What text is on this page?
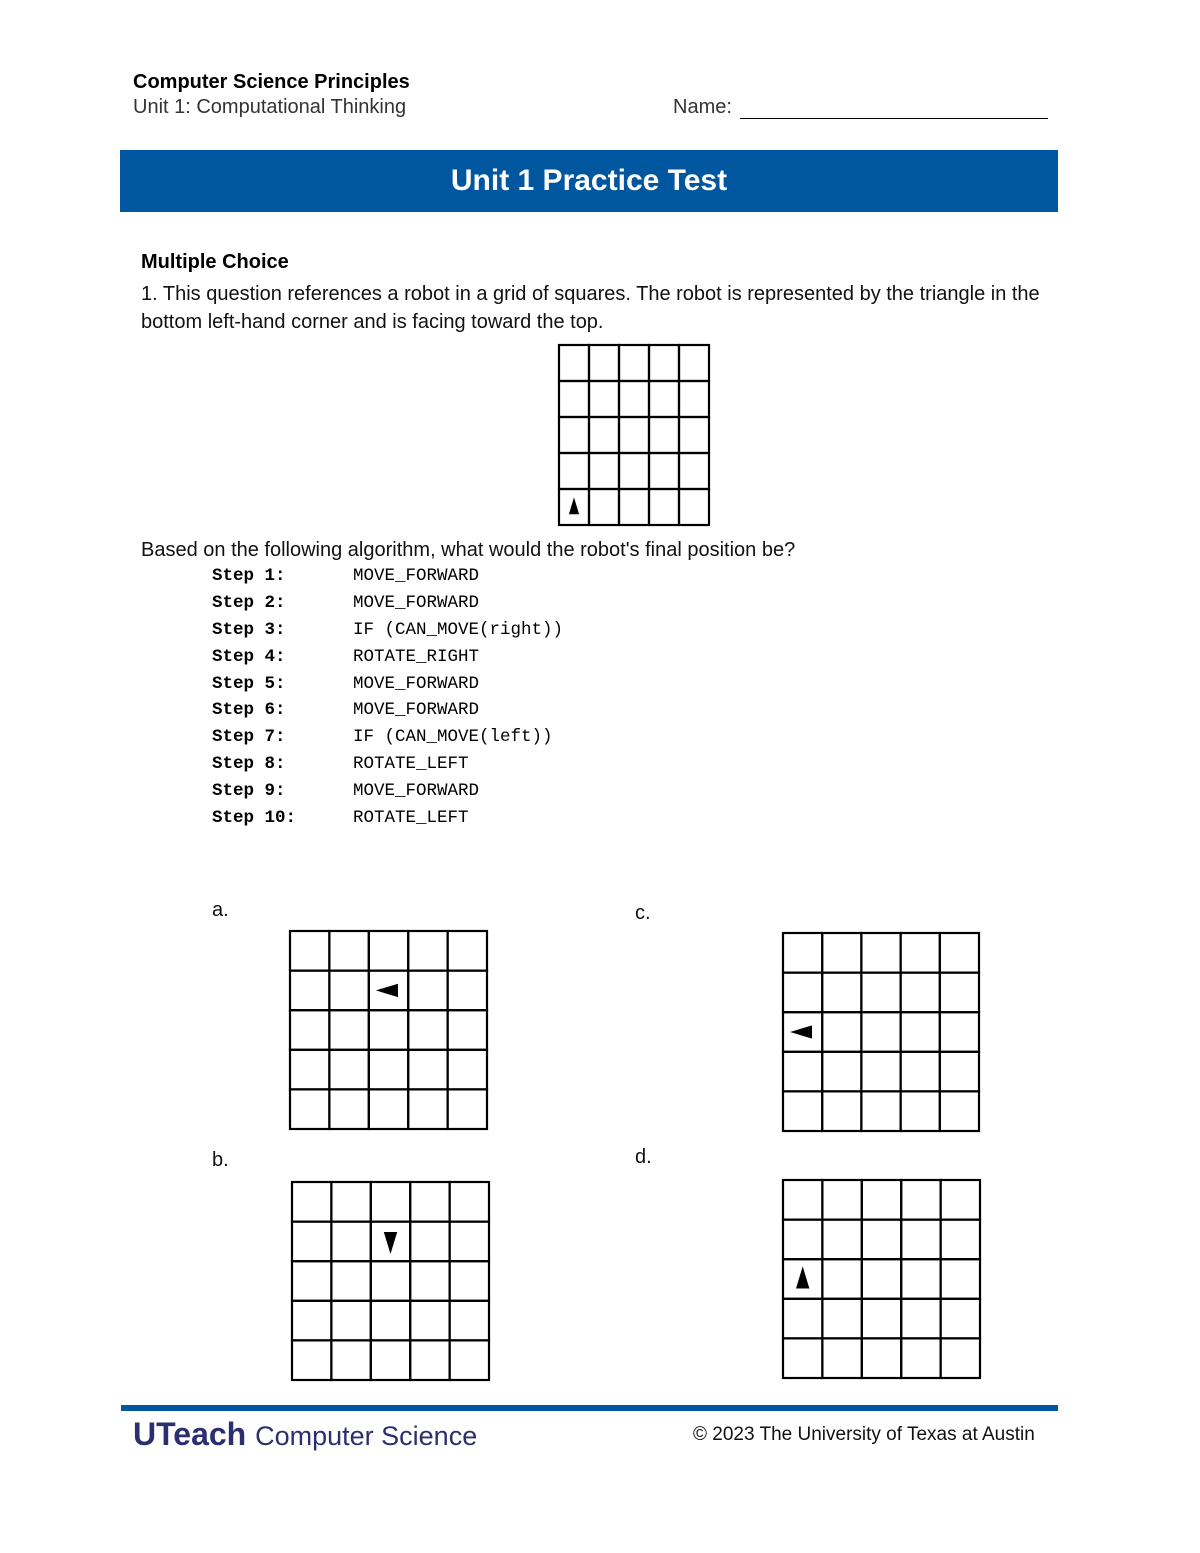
Computer Science Principles
Unit 1: Computational Thinking	Name:
Unit 1 Practice Test
Multiple Choice
1. This question references a robot in a grid of squares. The robot is represented by the triangle in the bottom left-hand corner and is facing toward the top.
Based on the following algorithm, what would the robot's final position be?
Step 1:	MOVE_FORWARD
Step 2:	MOVE_FORWARD
Step 3:	IF (CAN_MOVE(right))
Step 4:	ROTATE_RIGHT
Step 5:	MOVE_FORWARD
Step 6:	MOVE_FORWARD
Step 7:	IF (CAN_MOVE(left))
Step 8:	ROTATE_LEFT
Step 9:	MOVE_FORWARD
Step 10:	ROTATE_LEFT
a.
b.
c.
d.
UTeach Computer Science	© 2023 The University of Texas at Austin
